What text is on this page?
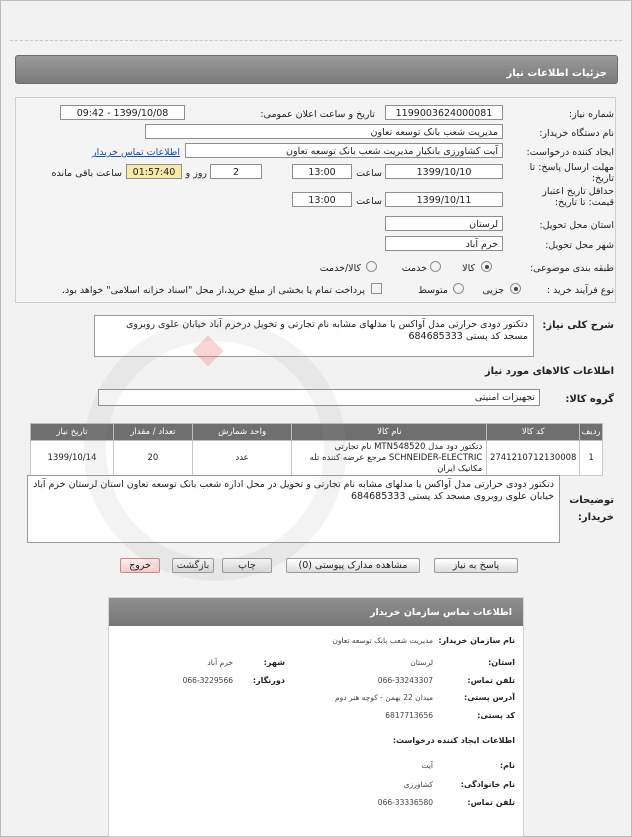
جزئیات اطلاعات نیاز
شماره نیاز:
1199003624000081
تاریخ و ساعت اعلان عمومی:
1399/10/08 - 09:42
نام دستگاه خریدار:
مدیریت شعب بانک توسعه تعاون
ایجاد کننده درخواست:
آیت کشاورزی بانکیار مدیریت شعب بانک توسعه تعاون
اطلاعات تماس خریدار
مهلت ارسال پاسخ: تا تاریخ:
1399/10/10
ساعت
13:00
2
روز و
01:57:40
ساعت باقی مانده
حداقل تاریخ اعتبار قیمت: تا تاریخ:
1399/10/11
ساعت
13:00
استان محل تحویل:
لرستان
شهر محل تحویل:
خرم آباد
طبقه بندی موضوعی:
کالا
خدمت
کالا/خدمت
نوع فرآیند خرید :
جزیی
متوسط
پرداخت تمام یا بخشی از مبلغ خرید،از محل "اسناد خزانه اسلامی" خواهد بود.
شرح کلی نیاز:
دتکتور دودی حرارتی مدل آواکس یا مدلهای مشابه نام تجارتی و تحویل درخرم آباد خیابان علوی روبروی مسجد کد پستی 684685333
اطلاعات کالاهای مورد نیاز
گروه کالا:
تجهیزات امنیتی
ردیف	کد کالا	نام کالا	واحد شمارش	تعداد / مقدار	تاریخ نیاز
1	2741210712130008	دتکتور دود مدل MTN548520 نام تجارتی SCHNEIDER-ELECTRIC مرجع عرضه کننده تله مکانیک ایران	عدد	20	1399/10/14
توضیحات خریدار:
دتکتور دودی حرارتی مدل آواکس یا مدلهای مشابه نام تجارتی و تحویل در محل اداره شعب بانک توسعه تعاون استان لرستان خرم آباد خیابان علوی روبروی مسجد کد پستی 684685333
پاسخ به نیاز
مشاهده مدارک پیوستی (0)
چاپ
بازگشت
خروج
اطلاعات تماس سازمان خریدار
نام سازمان خریدار:
مدیریت شعب بانک توسعه تعاون
استان:
لرستان
شهر:
خرم آباد
تلفن تماس:
066-33243307
دورنگار:
066-3229566
آدرس پستی:
میدان 22 بهمن - کوچه هنر دوم
کد پستی:
6817713656
اطلاعات ایجاد کننده درخواست:
نام:
آیت
نام خانوادگی:
کشاورزی
تلفن تماس:
066-33336580
